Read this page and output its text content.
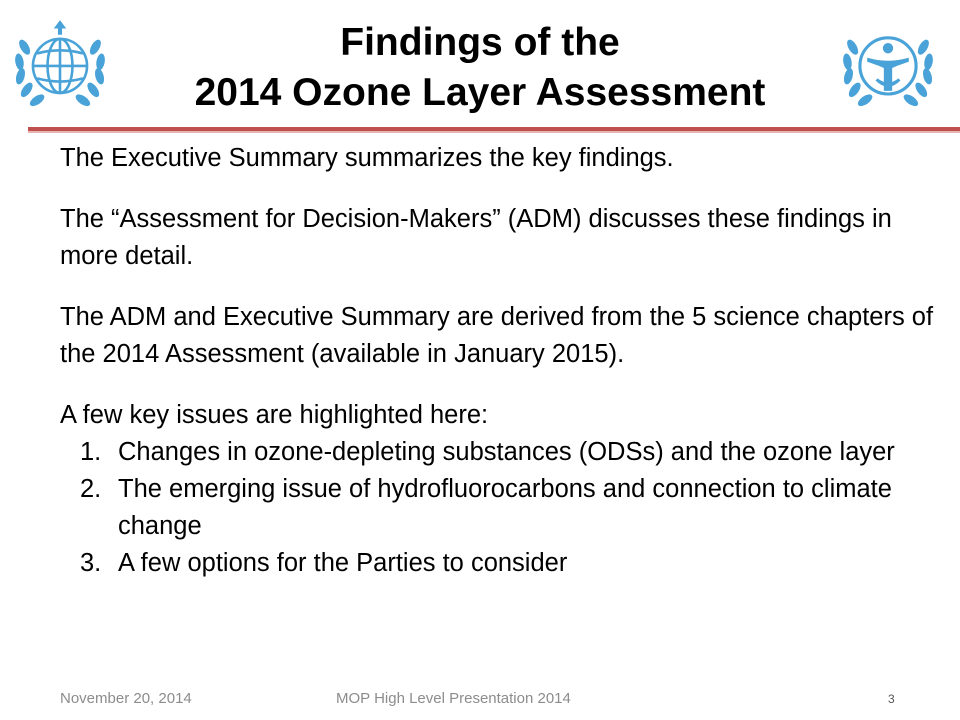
Findings of the
2014 Ozone Layer Assessment

The Executive Summary summarizes the key findings.

The “Assessment for Decision-Makers” (ADM) discusses these findings in more detail.

The ADM and Executive Summary are derived from the 5 science chapters of the 2014 Assessment (available in January 2015).

A few key issues are highlighted here:

1. Changes in ozone-depleting substances (ODSs) and the ozone layer
2. The emerging issue of hydrofluorocarbons and connection to climate change
3. A few options for the Parties to consider
November 20, 2014	MOP High Level Presentation 2014	3
